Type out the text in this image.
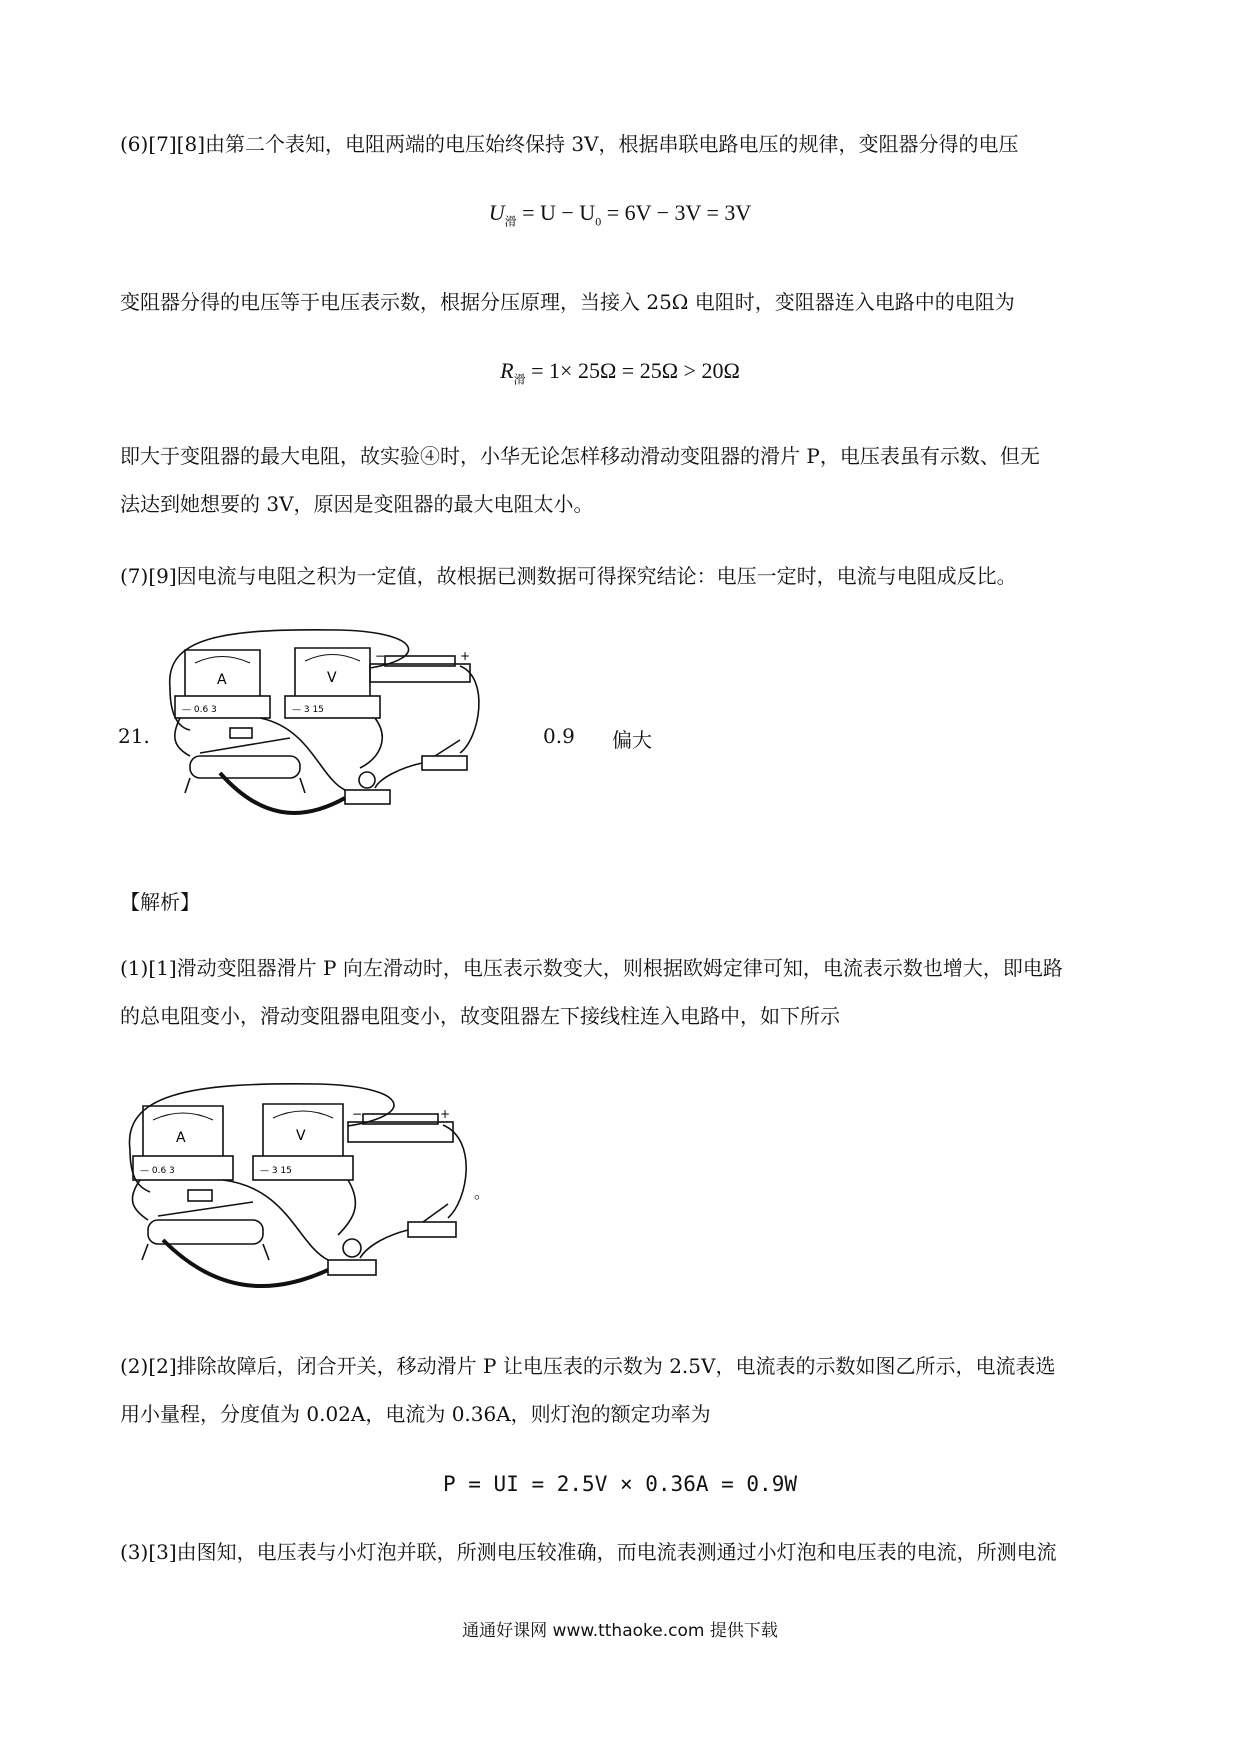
(6)[7][8]由第二个表知，电阻两端的电压始终保持 3V，根据串联电路电压的规律，变阻器分得的电压
$U_滑 = U - U_0 = 6V - 3V = 3V$
变阻器分得的电压等于电压表示数，根据分压原理，当接入 25Ω 电阻时，变阻器连入电路中的电阻为
$R_滑 = 1\times 25\Omega = 25\Omega > 20\Omega$
即大于变阻器的最大电阻，故实验④时，小华无论怎样移动滑动变阻器的滑片 P，电压表虽有示数、但无
法达到她想要的 3V，原因是变阻器的最大电阻太小。
(7)[9]因电流与电阻之积为一定值，故根据已测数据可得探究结论：电压一定时，电流与电阻成反比。
21.	0.9 偏大
A	V
— 0.6 3	— 3 15
−	+
【解析】
(1)[1]滑动变阻器滑片 P 向左滑动时，电压表示数变大，则根据欧姆定律可知，电流表示数也增大，即电路
的总电阻变小，滑动变阻器电阻变小，故变阻器左下接线柱连入电路中，如下所示
A	V
— 0.6 3	— 3 15
−	+
。
(2)[2]排除故障后，闭合开关，移动滑片 P 让电压表的示数为 2.5V，电流表的示数如图乙所示，电流表选
用小量程，分度值为 0.02A，电流为 0.36A，则灯泡的额定功率为
P = UI = 2.5V × 0.36A = 0.9W
(3)[3]由图知，电压表与小灯泡并联，所测电压较准确，而电流表测通过小灯泡和电压表的电流，所测电流
通通好课网 www.tthaoke.com 提供下载
